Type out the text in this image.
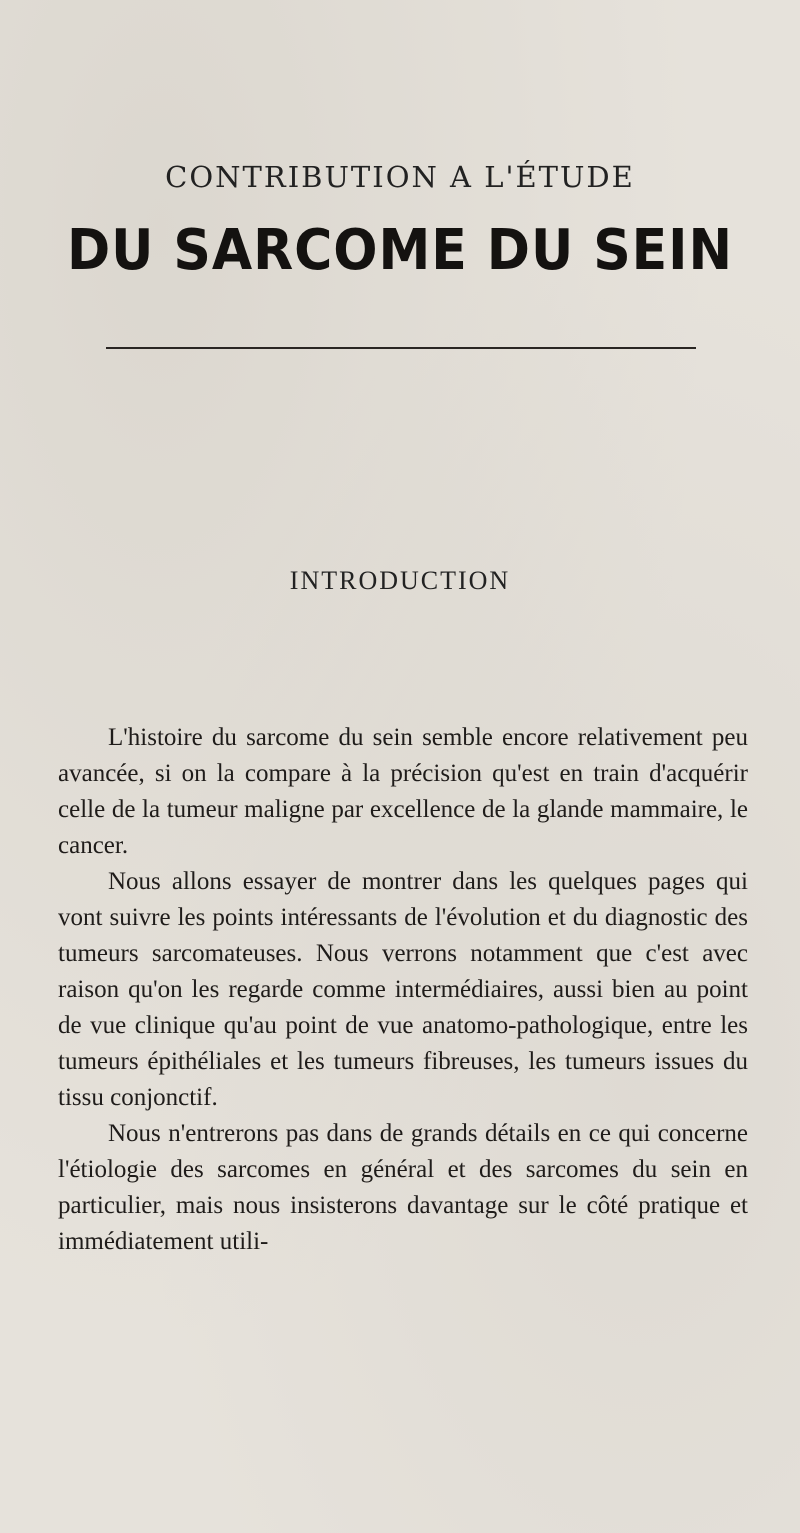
CONTRIBUTION A L'ÉTUDE
DU SARCOME DU SEIN
INTRODUCTION

L'histoire du sarcome du sein semble encore relativement peu avancée, si on la compare à la précision qu'est en train d'acquérir celle de la tumeur maligne par excellence de la glande mammaire, le cancer.

Nous allons essayer de montrer dans les quelques pages qui vont suivre les points intéressants de l'évolution et du diagnostic des tumeurs sarcomateuses. Nous verrons notamment que c'est avec raison qu'on les regarde comme intermédiaires, aussi bien au point de vue clinique qu'au point de vue anatomo-pathologique, entre les tumeurs épithéliales et les tumeurs fibreuses, les tumeurs issues du tissu conjonctif.

Nous n'entrerons pas dans de grands détails en ce qui concerne l'étiologie des sarcomes en général et des sarcomes du sein en particulier, mais nous insisterons davantage sur le côté pratique et immédiatement utili-
